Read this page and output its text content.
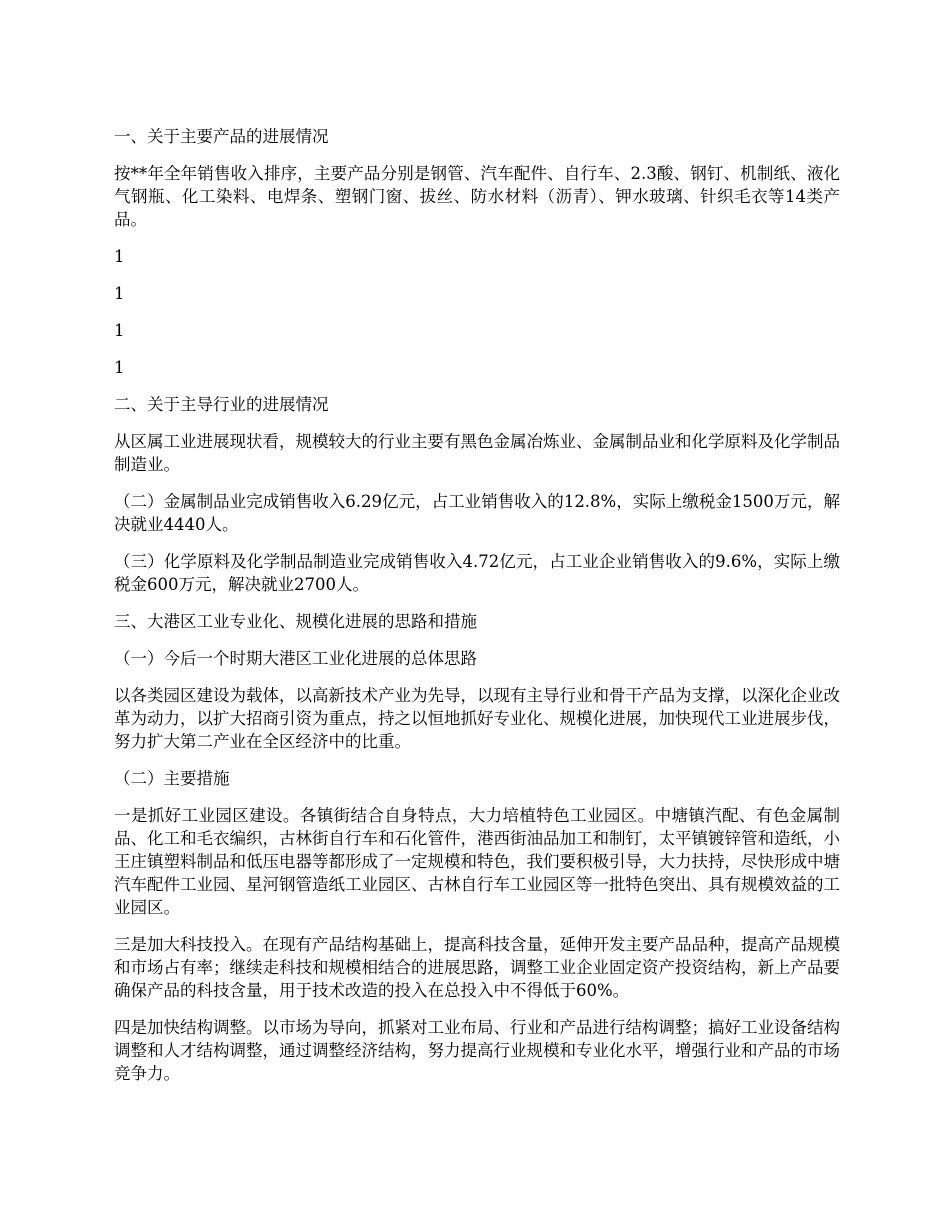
一、关于主要产品的进展情况

按**年全年销售收入排序，主要产品分别是钢管、汽车配件、自行车、2.3酸、钢钉、机制纸、液化气钢瓶、化工染料、电焊条、塑钢门窗、拔丝、防水材料（沥青）、钾水玻璃、针织毛衣等14类产品。

1

1

1

1

二、关于主导行业的进展情况

从区属工业进展现状看，规模较大的行业主要有黑色金属冶炼业、金属制品业和化学原料及化学制品制造业。

（二）金属制品业完成销售收入6.29亿元，占工业销售收入的12.8%，实际上缴税金1500万元，解决就业4440人。

（三）化学原料及化学制品制造业完成销售收入4.72亿元，占工业企业销售收入的9.6%，实际上缴税金600万元，解决就业2700人。

三、大港区工业专业化、规模化进展的思路和措施

（一）今后一个时期大港区工业化进展的总体思路

以各类园区建设为载体，以高新技术产业为先导，以现有主导行业和骨干产品为支撑，以深化企业改革为动力，以扩大招商引资为重点，持之以恒地抓好专业化、规模化进展，加快现代工业进展步伐，努力扩大第二产业在全区经济中的比重。

（二）主要措施

一是抓好工业园区建设。各镇街结合自身特点，大力培植特色工业园区。中塘镇汽配、有色金属制品、化工和毛衣编织，古林街自行车和石化管件，港西街油品加工和制钉，太平镇镀锌管和造纸，小王庄镇塑料制品和低压电器等都形成了一定规模和特色，我们要积极引导，大力扶持，尽快形成中塘汽车配件工业园、星河钢管造纸工业园区、古林自行车工业园区等一批特色突出、具有规模效益的工业园区。

三是加大科技投入。在现有产品结构基础上，提高科技含量，延伸开发主要产品品种，提高产品规模和市场占有率；继续走科技和规模相结合的进展思路，调整工业企业固定资产投资结构，新上产品要确保产品的科技含量，用于技术改造的投入在总投入中不得低于60%。

四是加快结构调整。以市场为导向，抓紧对工业布局、行业和产品进行结构调整；搞好工业设备结构调整和人才结构调整，通过调整经济结构，努力提高行业规模和专业化水平，增强行业和产品的市场竞争力。
